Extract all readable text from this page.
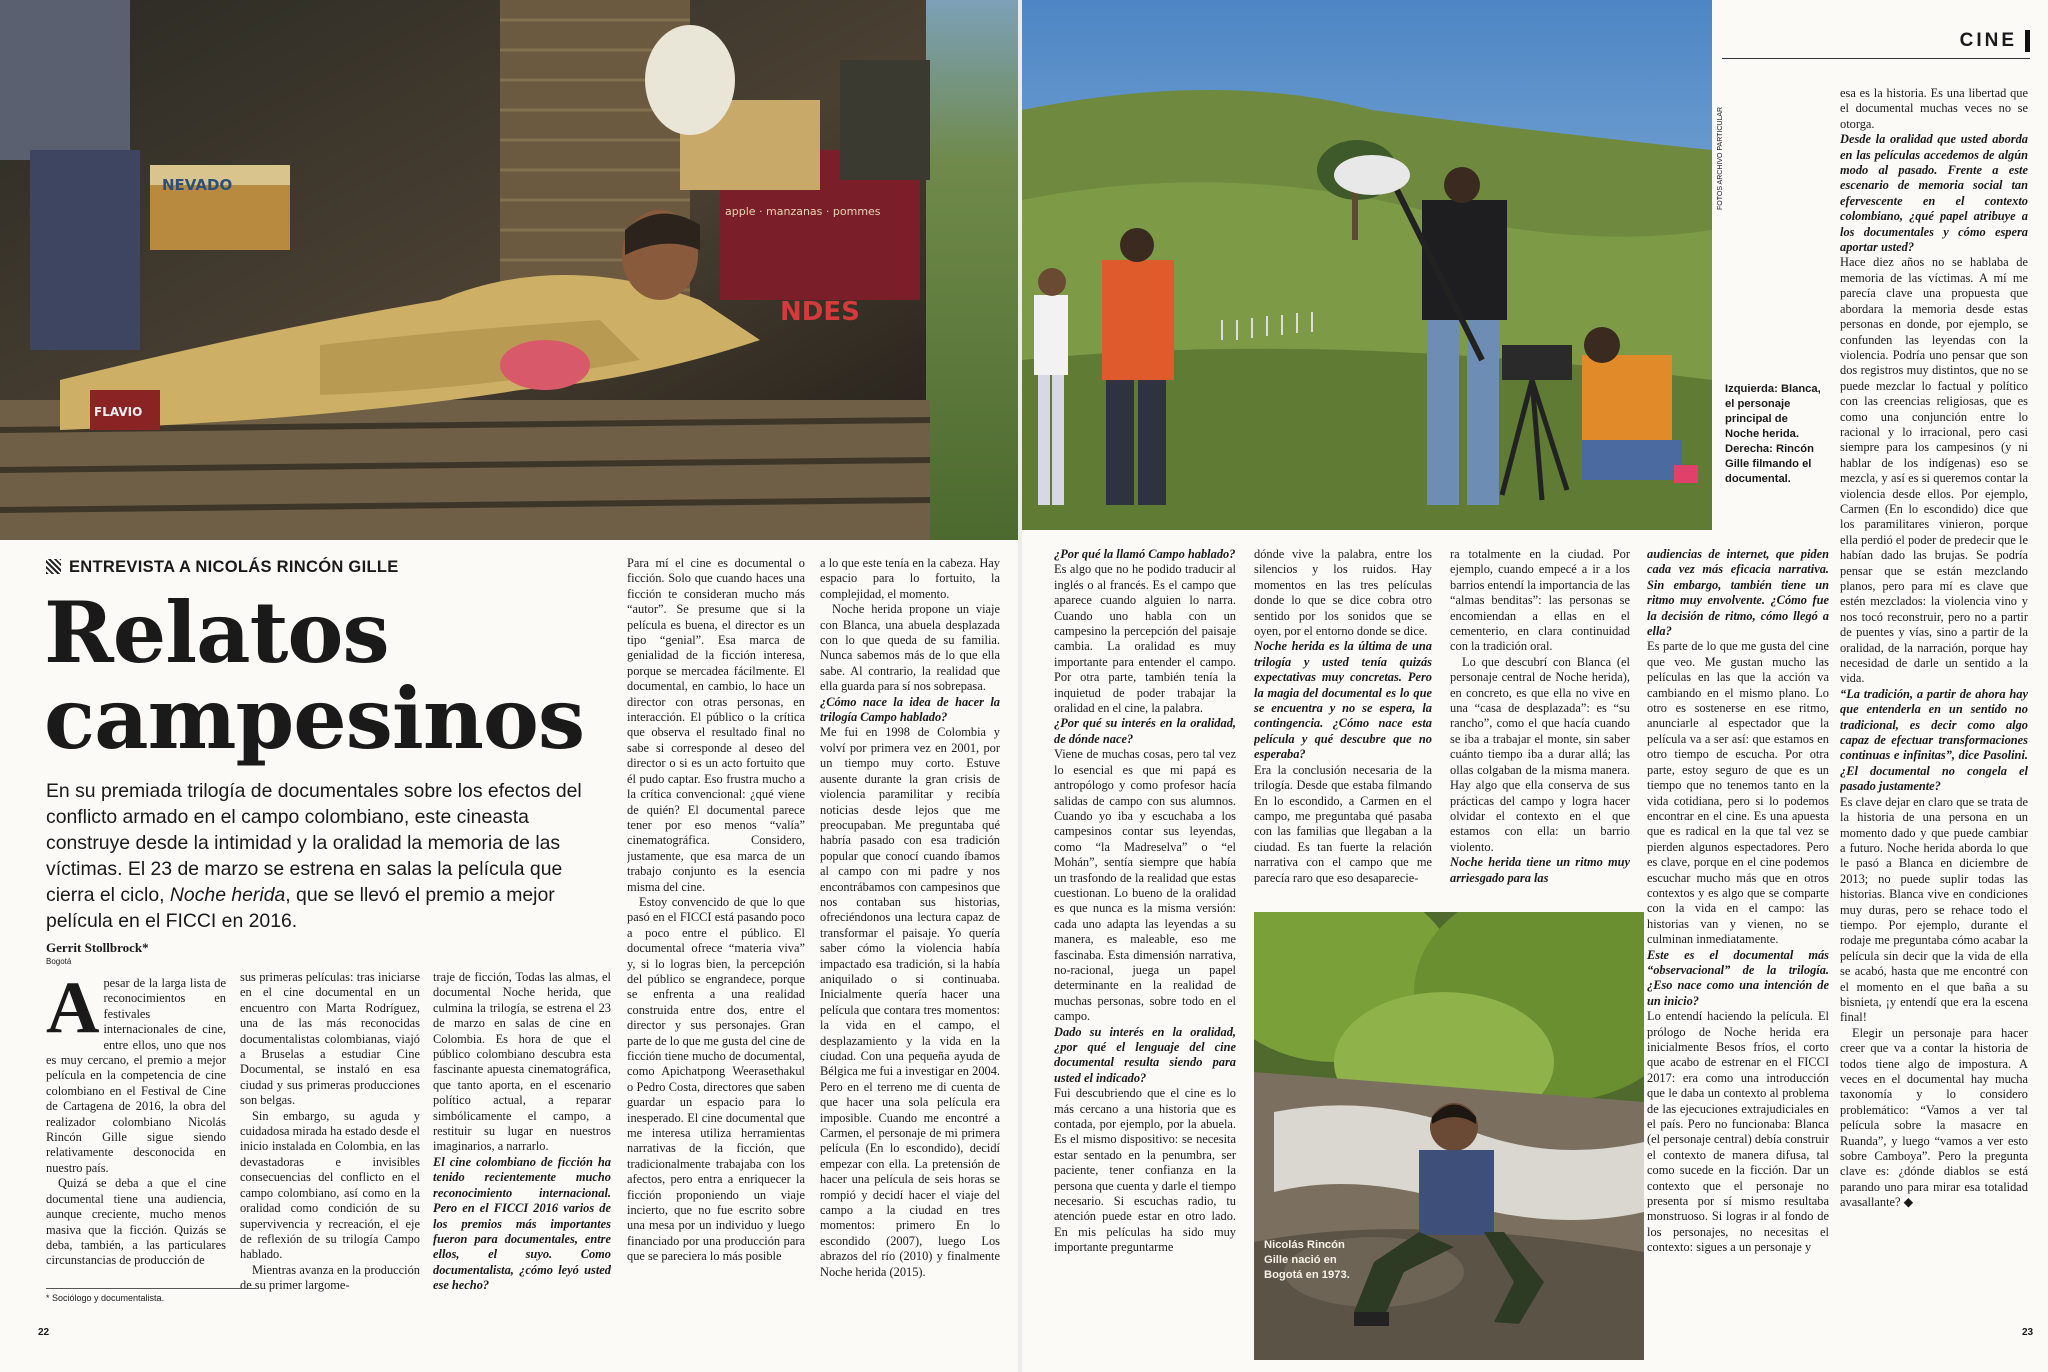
NEVADO
apple · manzanas · pommes
NDES
FLAVIO
ENTREVISTA A NICOLÁS RINCÓN GILLE
Relatos
campesinos
En su premiada trilogía de documentales sobre los efectos del conflicto armado en el campo colombiano, este cineasta construye desde la intimidad y la oralidad la memoria de las víctimas. El 23 de marzo se estrena en salas la película que cierra el ciclo, Noche herida, que se llevó el premio a mejor película en el FICCI en 2016.
Gerrit Stollbrock*
Bogotá

Apesar de la larga lista de reconocimientos en festivales internacionales de cine, entre ellos, uno que nos es muy cercano, el premio a mejor película en la competencia de cine colombiano en el Festival de Cine de Cartagena de 2016, la obra del realizador colombiano Nicolás Rincón Gille sigue siendo relativamente desconocida en nuestro país.

Quizá se deba a que el cine documental tiene una audiencia, aunque creciente, mucho menos masiva que la ficción. Quizás se deba, también, a las particulares circunstancias de producción de

sus primeras películas: tras iniciarse en el cine documental en un encuentro con Marta Rodríguez, una de las más reconocidas documentalistas colombianas, viajó a Bruselas a estudiar Cine Documental, se instaló en esa ciudad y sus primeras producciones son belgas.

Sin embargo, su aguda y cuidadosa mirada ha estado desde el inicio instalada en Colombia, en las devastadoras e invisibles consecuencias del conflicto en el campo colombiano, así como en la oralidad como condición de su supervivencia y recreación, el eje de reflexión de su trilogía Campo hablado.

Mientras avanza en la producción de su primer largome-

traje de ficción, Todas las almas, el documental Noche herida, que culmina la trilogía, se estrena el 23 de marzo en salas de cine en Colombia. Es hora de que el público colombiano descubra esta fascinante apuesta cinematográfica, que tanto aporta, en el escenario político actual, a reparar simbólicamente el campo, a restituir su lugar en nuestros imaginarios, a narrarlo.

El cine colombiano de ficción ha tenido recientemente mucho reconocimiento internacional. Pero en el FICCI 2016 varios de los premios más importantes fueron para documentales, entre ellos, el suyo. Como documentalista, ¿cómo leyó usted ese hecho?

Para mí el cine es documental o ficción. Solo que cuando haces una ficción te consideran mucho más “autor”. Se presume que si la película es buena, el director es un tipo “genial”. Esa marca de genialidad de la ficción interesa, porque se mercadea fácilmente. El documental, en cambio, lo hace un director con otras personas, en interacción. El público o la crítica que observa el resultado final no sabe si corresponde al deseo del director o si es un acto fortuito que él pudo captar. Eso frustra mucho a la crítica convencional: ¿qué viene de quién? El documental parece tener por eso menos “valía” cinematográfica. Considero, justamente, que esa marca de un trabajo conjunto es la esencia misma del cine.

Estoy convencido de que lo que pasó en el FICCI está pasando poco a poco entre el público. El documental ofrece “materia viva” y, si lo logras bien, la percepción del público se engrandece, porque se enfrenta a una realidad construida entre dos, entre el director y sus personajes. Gran parte de lo que me gusta del cine de ficción tiene mucho de documental, como Apichatpong Weerasethakul o Pedro Costa, directores que saben guardar un espacio para lo inesperado. El cine documental que me interesa utiliza herramientas narrativas de la ficción, que tradicionalmente trabajaba con los afectos, pero entra a enriquecer la ficción proponiendo un viaje incierto, que no fue escrito sobre una mesa por un individuo y luego financiado por una producción para que se pareciera lo más posible

a lo que este tenía en la cabeza. Hay espacio para lo fortuito, la complejidad, el momento.

Noche herida propone un viaje con Blanca, una abuela desplazada con lo que queda de su familia. Nunca sabemos más de lo que ella sabe. Al contrario, la realidad que ella guarda para sí nos sobrepasa.

¿Cómo nace la idea de hacer la trilogía Campo hablado?

Me fui en 1998 de Colombia y volví por primera vez en 2001, por un tiempo muy corto. Estuve ausente durante la gran crisis de violencia paramilitar y recibía noticias desde lejos que me preocupaban. Me preguntaba qué habría pasado con esa tradición popular que conocí cuando íbamos al campo con mi padre y nos encontrábamos con campesinos que nos contaban sus historias, ofreciéndonos una lectura capaz de transformar el paisaje. Yo quería saber cómo la violencia había impactado esa tradición, si la había aniquilado o si continuaba. Inicialmente quería hacer una película que contara tres momentos: la vida en el campo, el desplazamiento y la vida en la ciudad. Con una pequeña ayuda de Bélgica me fui a investigar en 2004. Pero en el terreno me di cuenta de que hacer una sola película era imposible. Cuando me encontré a Carmen, el personaje de mi primera película (En lo escondido), decidí empezar con ella. La pretensión de hacer una película de seis horas se rompió y decidí hacer el viaje del campo a la ciudad en tres momentos: primero En lo escondido (2007), luego Los abrazos del río (2010) y finalmente Noche herida (2015).

* Sociólogo y documentalista.
22
FOTOS ARCHIVO PARTICULAR
CINE
Izquierda: Blanca, el personaje principal de Noche herida. Derecha: Rincón Gille filmando el documental.
Nicolás Rincón Gille nació en Bogotá en 1973.

¿Por qué la llamó Campo hablado?

Es algo que no he podido traducir al inglés o al francés. Es el campo que aparece cuando alguien lo narra. Cuando uno habla con un campesino la percepción del paisaje cambia. La oralidad es muy importante para entender el campo. Por otra parte, también tenía la inquietud de poder trabajar la oralidad en el cine, la palabra.

¿Por qué su interés en la oralidad, de dónde nace?

Viene de muchas cosas, pero tal vez lo esencial es que mi papá es antropólogo y como profesor hacía salidas de campo con sus alumnos. Cuando yo iba y escuchaba a los campesinos contar sus leyendas, como “la Madreselva” o “el Mohán”, sentía siempre que había un trasfondo de la realidad que estas cuestionan. Lo bueno de la oralidad es que nunca es la misma versión: cada uno adapta las leyendas a su manera, es maleable, eso me fascinaba. Esta dimensión narrativa, no-racional, juega un papel determinante en la realidad de muchas personas, sobre todo en el campo.

Dado su interés en la oralidad, ¿por qué el lenguaje del cine documental resulta siendo para usted el indicado?

Fui descubriendo que el cine es lo más cercano a una historia que es contada, por ejemplo, por la abuela. Es el mismo dispositivo: se necesita estar sentado en la penumbra, ser paciente, tener confianza en la persona que cuenta y darle el tiempo necesario. Si escuchas radio, tu atención puede estar en otro lado. En mis películas ha sido muy importante preguntarme

dónde vive la palabra, entre los silencios y los ruidos. Hay momentos en las tres películas donde lo que se dice cobra otro sentido por los sonidos que se oyen, por el entorno donde se dice.

Noche herida es la última de una trilogía y usted tenía quizás expectativas muy concretas. Pero la magia del documental es lo que se encuentra y no se espera, la contingencia. ¿Cómo nace esta película y qué descubre que no esperaba?

Era la conclusión necesaria de la trilogía. Desde que estaba filmando En lo escondido, a Carmen en el campo, me preguntaba qué pasaba con las familias que llegaban a la ciudad. Es tan fuerte la relación narrativa con el campo que me parecía raro que eso desaparecie-

ra totalmente en la ciudad. Por ejemplo, cuando empecé a ir a los barrios entendí la importancia de las “almas benditas”: las personas se encomiendan a ellas en el cementerio, en clara continuidad con la tradición oral.

Lo que descubrí con Blanca (el personaje central de Noche herida), en concreto, es que ella no vive en una “casa de desplazada”: es “su rancho”, como el que hacía cuando se iba a trabajar el monte, sin saber cuánto tiempo iba a durar allá; las ollas colgaban de la misma manera. Hay algo que ella conserva de sus prácticas del campo y logra hacer olvidar el contexto en el que estamos con ella: un barrio violento.

Noche herida tiene un ritmo muy arriesgado para las

audiencias de internet, que piden cada vez más eficacia narrativa. Sin embargo, también tiene un ritmo muy envolvente. ¿Cómo fue la decisión de ritmo, cómo llegó a ella?

Es parte de lo que me gusta del cine que veo. Me gustan mucho las películas en las que la acción va cambiando en el mismo plano. Lo otro es sostenerse en ese ritmo, anunciarle al espectador que la película va a ser así: que estamos en otro tiempo de escucha. Por otra parte, estoy seguro de que es un tiempo que no tenemos tanto en la vida cotidiana, pero si lo podemos encontrar en el cine. Es una apuesta que es radical en la que tal vez se pierden algunos espectadores. Pero es clave, porque en el cine podemos escuchar mucho más que en otros contextos y es algo que se comparte con la vida en el campo: las historias van y vienen, no se culminan inmediatamente.

Este es el documental más “observacional” de la trilogía. ¿Eso nace como una intención de un inicio?

Lo entendí haciendo la película. El prólogo de Noche herida era inicialmente Besos fríos, el corto que acabo de estrenar en el FICCI 2017: era como una introducción que le daba un contexto al problema de las ejecuciones extrajudiciales en el país. Pero no funcionaba: Blanca (el personaje central) debía construir el contexto de manera difusa, tal como sucede en la ficción. Dar un contexto que el personaje no presenta por sí mismo resultaba monstruoso. Si logras ir al fondo de los personajes, no necesitas el contexto: sigues a un personaje y

esa es la historia. Es una libertad que el documental muchas veces no se otorga.

Desde la oralidad que usted aborda en las películas accedemos de algún modo al pasado. Frente a este escenario de memoria social tan efervescente en el contexto colombiano, ¿qué papel atribuye a los documentales y cómo espera aportar usted?

Hace diez años no se hablaba de memoria de las víctimas. A mí me parecía clave una propuesta que abordara la memoria desde estas personas en donde, por ejemplo, se confunden las leyendas con la violencia. Podría uno pensar que son dos registros muy distintos, que no se puede mezclar lo factual y político con las creencias religiosas, que es como una conjunción entre lo racional y lo irracional, pero casi siempre para los campesinos (y ni hablar de los indígenas) eso se mezcla, y así es si queremos contar la violencia desde ellos. Por ejemplo, Carmen (En lo escondido) dice que los paramilitares vinieron, porque ella perdió el poder de predecir que le habían dado las brujas. Se podría pensar que se están mezclando planos, pero para mí es clave que estén mezclados: la violencia vino y nos tocó reconstruir, pero no a partir de puentes y vías, sino a partir de la oralidad, de la narración, porque hay necesidad de darle un sentido a la vida.

“La tradición, a partir de ahora hay que entenderla en un sentido no tradicional, es decir como algo capaz de efectuar transformaciones continuas e infinitas”, dice Pasolini. ¿El documental no congela el pasado justamente?

Es clave dejar en claro que se trata de la historia de una persona en un momento dado y que puede cambiar a futuro. Noche herida aborda lo que le pasó a Blanca en diciembre de 2013; no puede suplir todas las historias. Blanca vive en condiciones muy duras, pero se rehace todo el tiempo. Por ejemplo, durante el rodaje me preguntaba cómo acabar la película sin decir que la vida de ella se acabó, hasta que me encontré con el momento en el que baña a su bisnieta, ¡y entendí que era la escena final!

Elegir un personaje para hacer creer que va a contar la historia de todos tiene algo de impostura. A veces en el documental hay mucha taxonomía y lo considero problemático: “Vamos a ver tal película sobre la masacre en Ruanda”, y luego “vamos a ver esto sobre Camboya”. Pero la pregunta clave es: ¿dónde diablos se está parando uno para mirar esa totalidad avasallante? ◆

23
